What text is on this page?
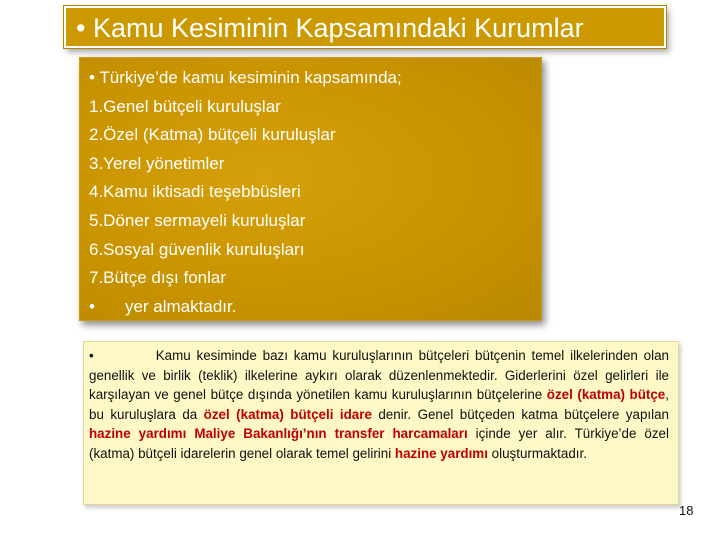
• Kamu Kesiminin Kapsamındaki Kurumlar
• Türkiye’de kamu kesiminin kapsamında;
1.Genel bütçeli kuruluşlar
2.Özel (Katma) bütçeli kuruluşlar
3.Yerel yönetimler
4.Kamu iktisadi teşebbüsleri
5.Döner sermayeli kuruluşlar
6.Sosyal güvenlik kuruluşları
7.Bütçe dışı fonlar
• yer almaktadır.

•	Kamu kesiminde bazı kamu kuruluşlarının bütçeleri bütçenin temel ilkelerinden olan genellik ve birlik (teklik) ilkelerine aykırı olarak düzenlenmektedir. Giderlerini özel gelirleri ile karşılayan ve genel bütçe dışında yönetilen kamu kuruluşlarının bütçelerine özel (katma) bütçe, bu kuruluşlara da özel (katma) bütçeli idare denir. Genel bütçeden katma bütçelere yapılan hazine yardımı Maliye Bakanlığı’nın transfer harcamaları içinde yer alır. Türkiye’de özel (katma) bütçeli idarelerin genel olarak temel gelirini hazine yardımı oluşturmaktadır.

18
